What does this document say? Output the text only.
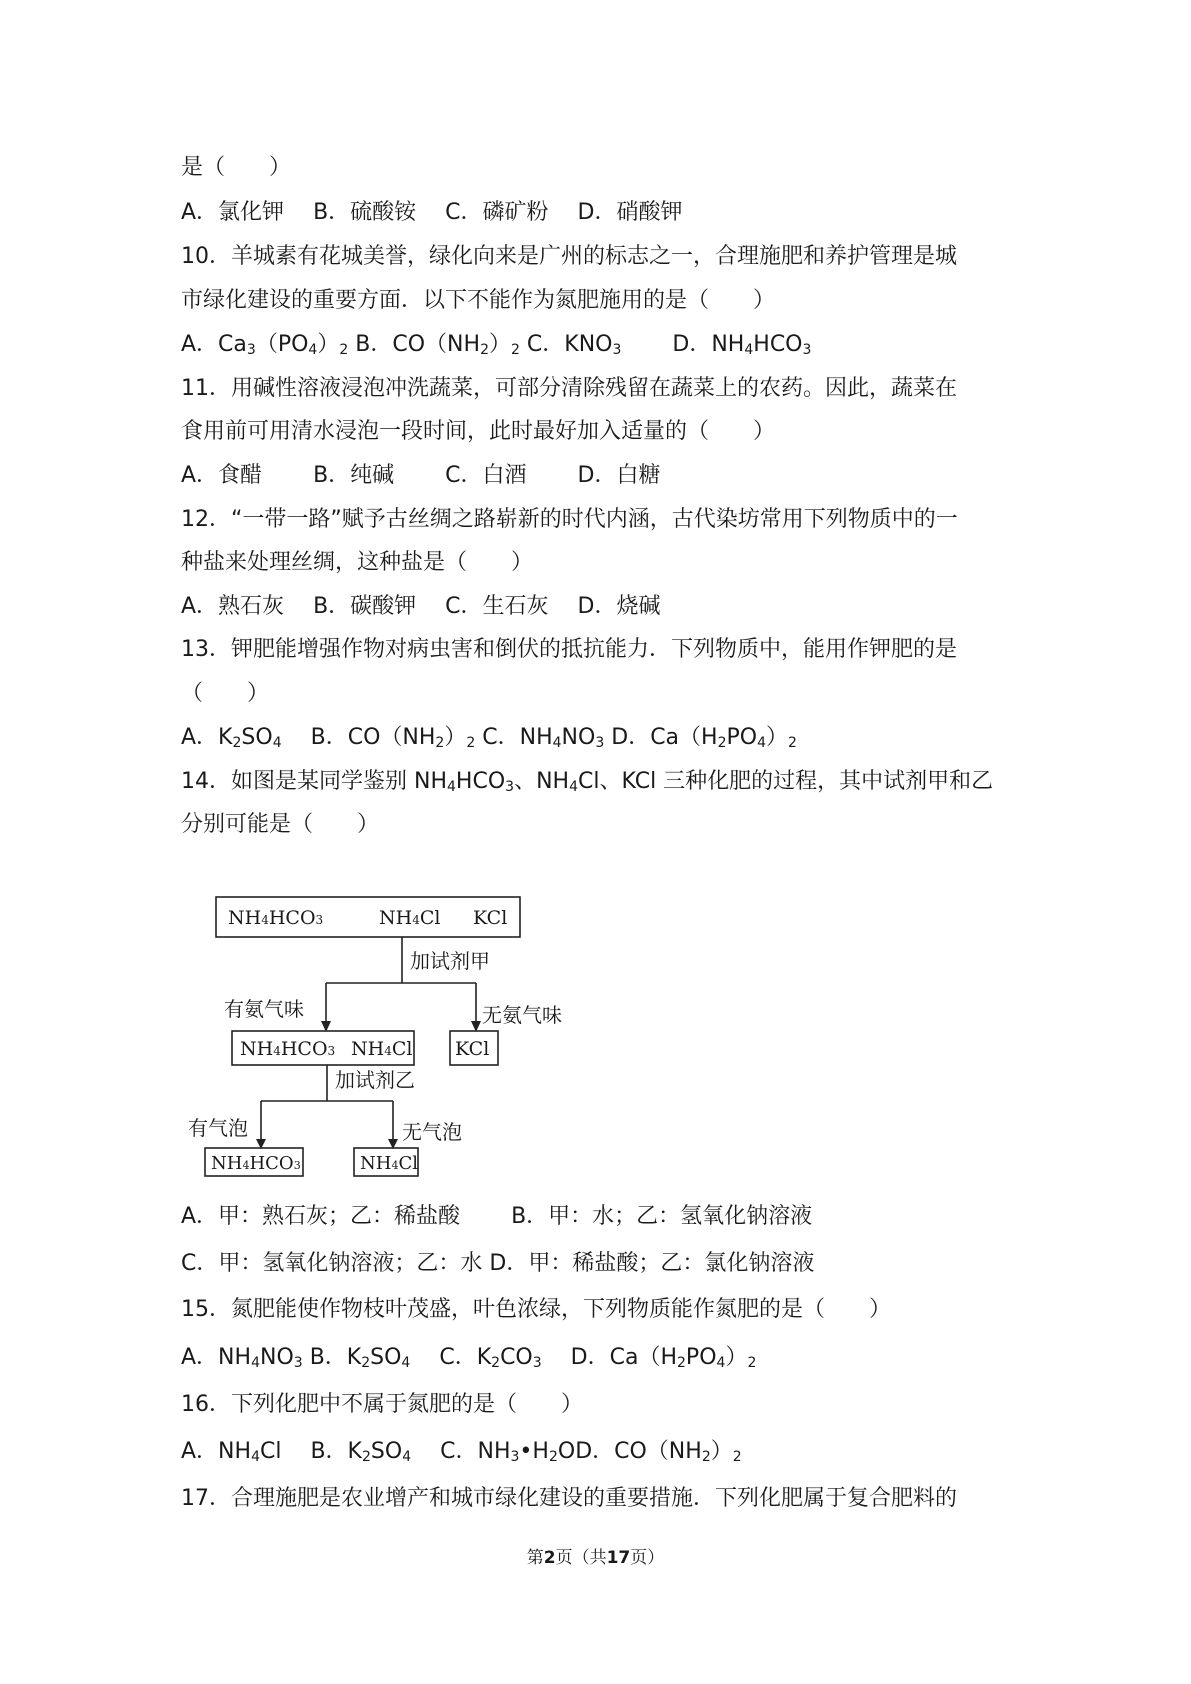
是（　　）
A．氯化钾 B．硫酸铵 C．磷矿粉 D．硝酸钾
10．羊城素有花城美誉，绿化向来是广州的标志之一，合理施肥和养护管理是城
市绿化建设的重要方面．以下不能作为氮肥施用的是（　　）
A．$Ca_3(PO_4)_2$ B．$CO(NH_2)_2$ C．$KNO_3$ D．$NH_4HCO_3$
11．用碱性溶液浸泡冲洗蔬菜，可部分清除残留在蔬菜上的农药。因此，蔬菜在
食用前可用清水浸泡一段时间，此时最好加入适量的（　　）
A．食醋 B．纯碱 C．白酒 D．白糖
12．“一带一路”赋予古丝绸之路崭新的时代内涵，古代染坊常用下列物质中的一
种盐来处理丝绸，这种盐是（　　）
A．熟石灰 B．碳酸钾 C．生石灰 D．烧碱
13．钾肥能增强作物对病虫害和倒伏的抵抗能力．下列物质中，能用作钾肥的是
（　　）
A．$K_2SO_4$ B．$CO(NH_2)_2$ C．$NH_4NO_3$ D．$Ca(H_2PO_4)_2$
14．如图是某同学鉴别 $NH_4HCO_3$、$NH_4Cl$、KCl 三种化肥的过程，其中试剂甲和乙
分别可能是（　　）
NH4HCO3	NH4Cl KCl
加试剂甲
有氨气味	无氨气味
NH4HCO3 NH4Cl KCl
加试剂乙
有气泡	无气泡
NH4HCO3	NH4Cl
A．甲：熟石灰；乙：稀盐酸 B．甲：水；乙：氢氧化钠溶液
C．甲：氢氧化钠溶液；乙：水 D．甲：稀盐酸；乙：氯化钠溶液
15．氮肥能使作物枝叶茂盛，叶色浓绿，下列物质能作氮肥的是（　　）
A．$NH_4NO_3$ B．$K_2SO_4$ C．$K_2CO_3$ D．$Ca(H_2PO_4)_2$
16．下列化肥中不属于氮肥的是（　　）
A．$NH_4Cl$ B．$K_2SO_4$ C．$NH_3•H_2OD$．$CO(NH_2)_2$
17．合理施肥是农业增产和城市绿化建设的重要措施．下列化肥属于复合肥料的
第2页（共17页）
